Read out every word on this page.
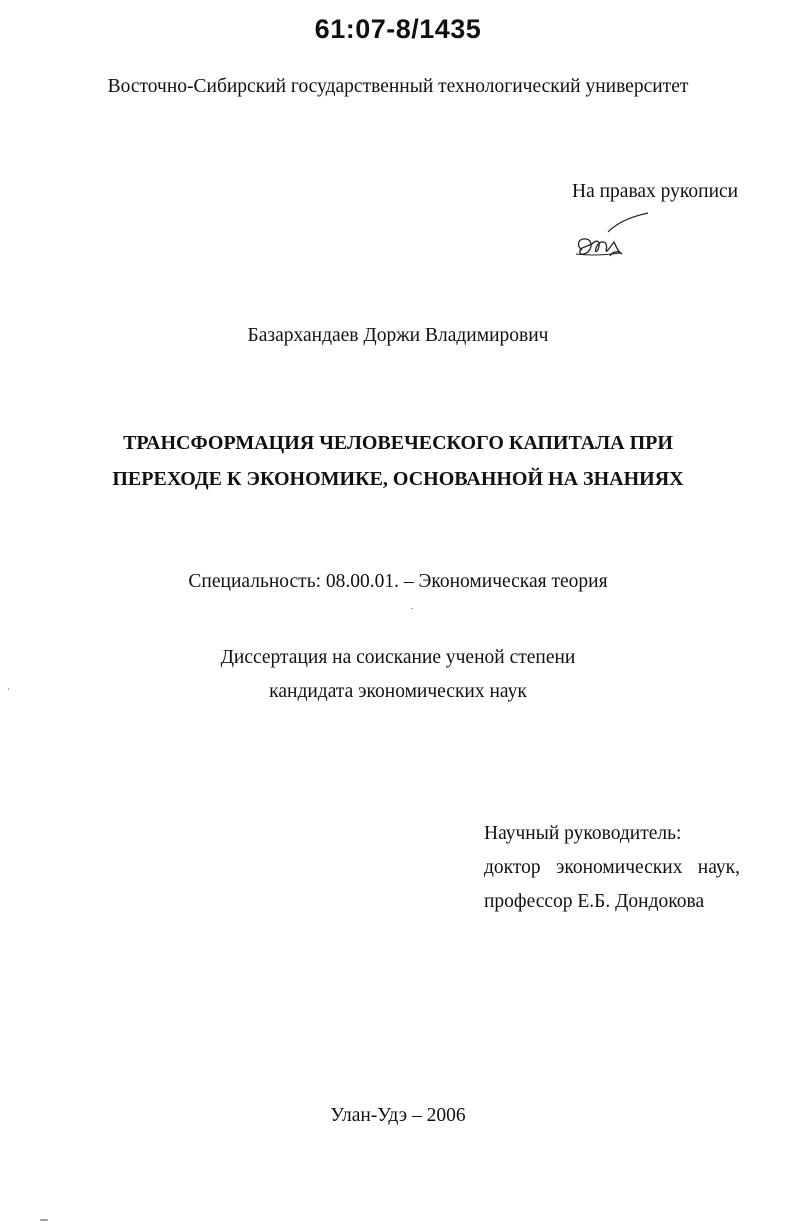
61:07-8/1435
Восточно-Сибирский государственный технологический университет
На правах рукописи
Базархандаев Доржи Владимирович
ТРАНСФОРМАЦИЯ ЧЕЛОВЕЧЕСКОГО КАПИТАЛА ПРИ
ПЕРЕХОДЕ К ЭКОНОМИКЕ, ОСНОВАННОЙ НА ЗНАНИЯХ
Специальность: 08.00.01. – Экономическая теория
Диссертация на соискание ученой степени
кандидата экономических наук
Научный руководитель:
доктор экономических наук,
профессор Е.Б. Дондокова
Улан-Удэ – 2006
